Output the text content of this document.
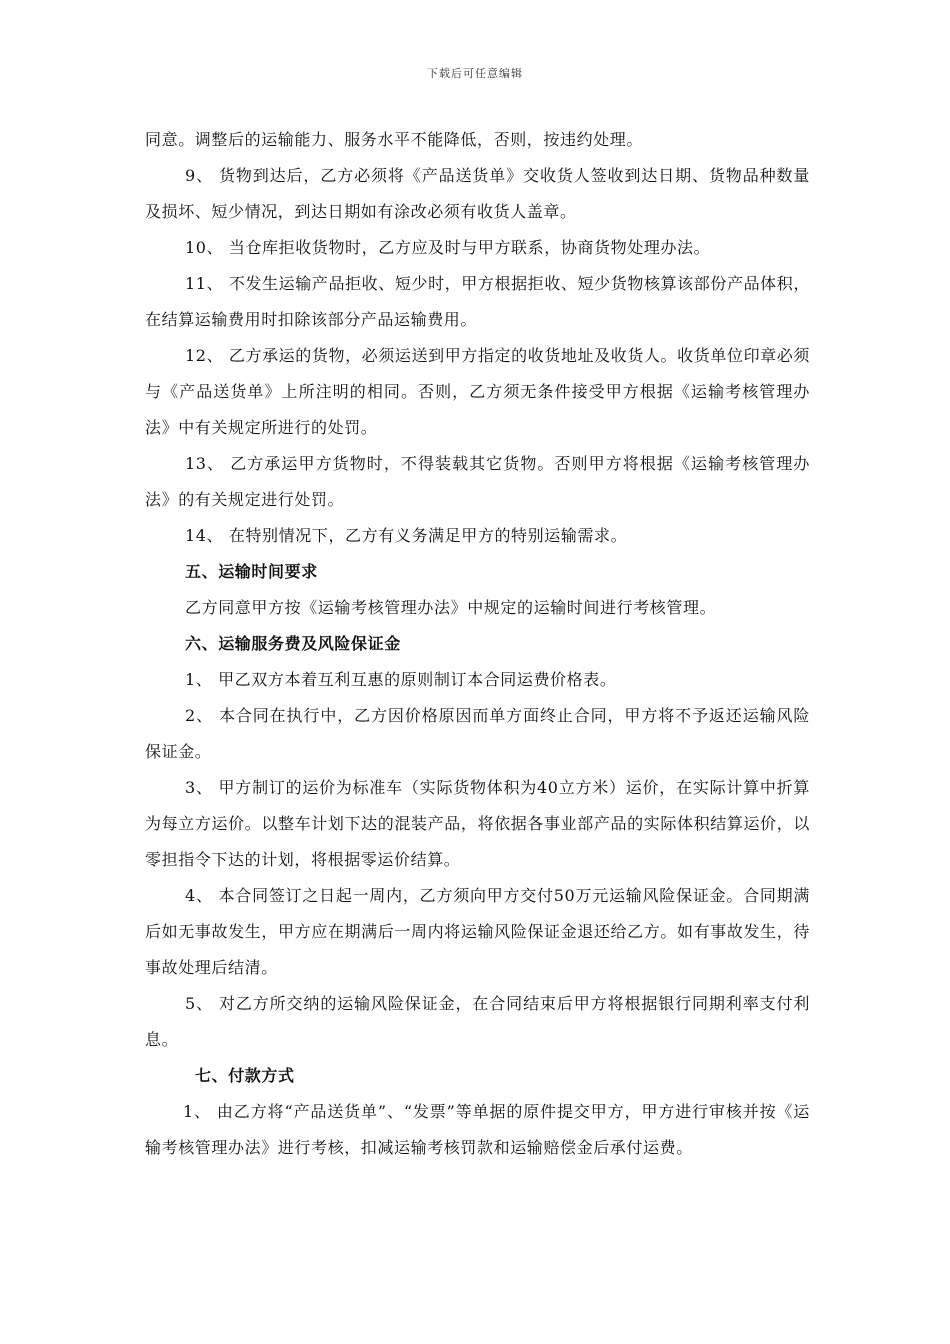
下载后可任意编辑

同意。调整后的运输能力、服务水平不能降低，否则，按违约处理。

9、 货物到达后，乙方必须将《产品送货单》交收货人签收到达日期、货物品种数量及损坏、短少情况，到达日期如有涂改必须有收货人盖章。

10、 当仓库拒收货物时，乙方应及时与甲方联系，协商货物处理办法。

11、 不发生运输产品拒收、短少时，甲方根据拒收、短少货物核算该部份产品体积，在结算运输费用时扣除该部分产品运输费用。

12、 乙方承运的货物，必须运送到甲方指定的收货地址及收货人。收货单位印章必须与《产品送货单》上所注明的相同。否则，乙方须无条件接受甲方根据《运输考核管理办法》中有关规定所进行的处罚。

13、 乙方承运甲方货物时，不得装载其它货物。否则甲方将根据《运输考核管理办法》的有关规定进行处罚。

14、 在特别情况下，乙方有义务满足甲方的特别运输需求。

五、运输时间要求

乙方同意甲方按《运输考核管理办法》中规定的运输时间进行考核管理。

六、运输服务费及风险保证金

1、 甲乙双方本着互利互惠的原则制订本合同运费价格表。

2、 本合同在执行中，乙方因价格原因而单方面终止合同，甲方将不予返还运输风险保证金。

3、 甲方制订的运价为标准车（实际货物体积为40立方米）运价，在实际计算中折算为每立方运价。以整车计划下达的混装产品，将依据各事业部产品的实际体积结算运价，以零担指令下达的计划，将根据零运价结算。

4、 本合同签订之日起一周内，乙方须向甲方交付50万元运输风险保证金。合同期满后如无事故发生，甲方应在期满后一周内将运输风险保证金退还给乙方。如有事故发生，待事故处理后结清。

5、 对乙方所交纳的运输风险保证金，在合同结束后甲方将根据银行同期利率支付利息。

七、付款方式

1、 由乙方将“产品送货单”、“发票”等单据的原件提交甲方，甲方进行审核并按《运输考核管理办法》进行考核，扣减运输考核罚款和运输赔偿金后承付运费。
